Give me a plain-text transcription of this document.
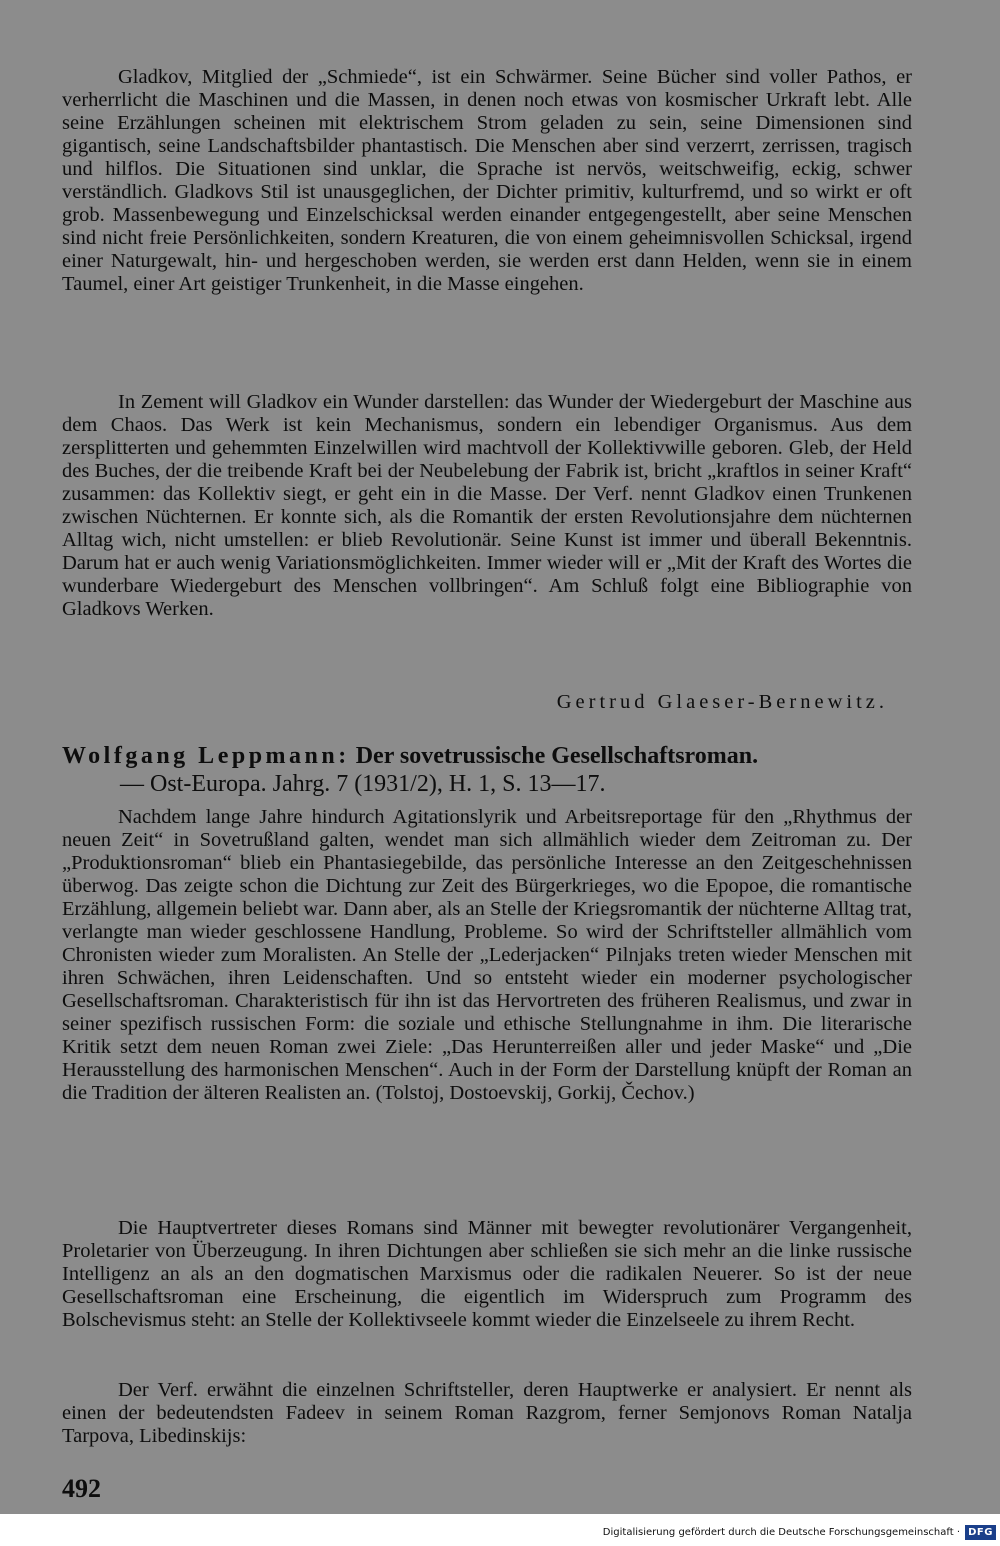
Gladkov, Mitglied der „Schmiede“, ist ein Schwärmer. Seine Bücher sind voller Pathos, er verherrlicht die Maschinen und die Massen, in denen noch etwas von kosmischer Urkraft lebt. Alle seine Erzählungen scheinen mit elektrischem Strom geladen zu sein, seine Dimensionen sind gigantisch, seine Landschaftsbilder phantastisch. Die Menschen aber sind verzerrt, zerrissen, tragisch und hilflos. Die Situationen sind unklar, die Sprache ist nervös, weitschweifig, eckig, schwer verständlich. Gladkovs Stil ist unausgeglichen, der Dichter primitiv, kulturfremd, und so wirkt er oft grob. Massenbewegung und Einzelschicksal werden einander entgegengestellt, aber seine Menschen sind nicht freie Persönlichkeiten, sondern Kreaturen, die von einem geheimnisvollen Schicksal, irgend einer Naturgewalt, hin- und hergeschoben werden, sie werden erst dann Helden, wenn sie in einem Taumel, einer Art geistiger Trunkenheit, in die Masse eingehen.

In Zement will Gladkov ein Wunder darstellen: das Wunder der Wiedergeburt der Maschine aus dem Chaos. Das Werk ist kein Mechanismus, sondern ein lebendiger Organismus. Aus dem zersplitterten und gehemmten Einzelwillen wird machtvoll der Kollektivwille geboren. Gleb, der Held des Buches, der die treibende Kraft bei der Neubelebung der Fabrik ist, bricht „kraftlos in seiner Kraft“ zusammen: das Kollektiv siegt, er geht ein in die Masse. Der Verf. nennt Gladkov einen Trunkenen zwischen Nüchternen. Er konnte sich, als die Romantik der ersten Revolutionsjahre dem nüchternen Alltag wich, nicht umstellen: er blieb Revolutionär. Seine Kunst ist immer und überall Bekenntnis. Darum hat er auch wenig Variationsmöglichkeiten. Immer wieder will er „Mit der Kraft des Wortes die wunderbare Wiedergeburt des Menschen vollbringen“. Am Schluß folgt eine Bibliographie von Gladkovs Werken.

Gertrud Glaeser-Bernewitz.

Wolfgang Leppmann: Der sovetrussische Gesellschaftsroman.

— Ost-Europa. Jahrg. 7 (1931/2), H. 1, S. 13—17.

Nachdem lange Jahre hindurch Agitationslyrik und Arbeitsreportage für den „Rhythmus der neuen Zeit“ in Sovetrußland galten, wendet man sich allmählich wieder dem Zeitroman zu. Der „Produktionsroman“ blieb ein Phantasiegebilde, das persönliche Interesse an den Zeitgeschehnissen überwog. Das zeigte schon die Dichtung zur Zeit des Bürgerkrieges, wo die Epopoe, die romantische Erzählung, allgemein beliebt war. Dann aber, als an Stelle der Kriegsromantik der nüchterne Alltag trat, verlangte man wieder geschlossene Handlung, Probleme. So wird der Schriftsteller allmählich vom Chronisten wieder zum Moralisten. An Stelle der „Lederjacken“ Pilnjaks treten wieder Menschen mit ihren Schwächen, ihren Leidenschaften. Und so entsteht wieder ein moderner psychologischer Gesellschaftsroman. Charakteristisch für ihn ist das Hervortreten des früheren Realismus, und zwar in seiner spezifisch russischen Form: die soziale und ethische Stellungnahme in ihm. Die literarische Kritik setzt dem neuen Roman zwei Ziele: „Das Herunterreißen aller und jeder Maske“ und „Die Herausstellung des harmonischen Menschen“. Auch in der Form der Darstellung knüpft der Roman an die Tradition der älteren Realisten an. (Tolstoj, Dostoevskij, Gorkij, Čechov.)

Die Hauptvertreter dieses Romans sind Männer mit bewegter revolutionärer Vergangenheit, Proletarier von Überzeugung. In ihren Dichtungen aber schließen sie sich mehr an die linke russische Intelligenz an als an den dogmatischen Marxismus oder die radikalen Neuerer. So ist der neue Gesellschaftsroman eine Erscheinung, die eigentlich im Widerspruch zum Programm des Bolschevismus steht: an Stelle der Kollektivseele kommt wieder die Einzelseele zu ihrem Recht.

Der Verf. erwähnt die einzelnen Schriftsteller, deren Hauptwerke er analysiert. Er nennt als einen der bedeutendsten Fadeev in seinem Roman Razgrom, ferner Semjonovs Roman Natalja Tarpova, Libedinskijs:

492

Digitalisierung gefördert durch die Deutsche Forschungsgemeinschaft · DFG
